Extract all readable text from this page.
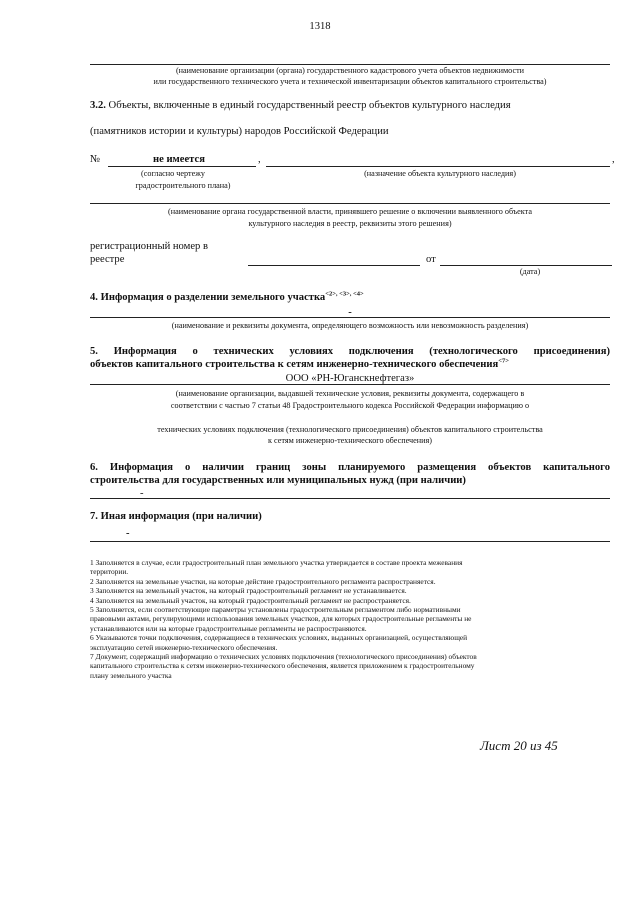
1318
(наименование организации (органа) государственного кадастрового учета объектов недвижимости
или государственного технического учета и технической инвентаризации объектов капитального строительства)
3.2. Объекты, включенные в единый государственный реестр объектов культурного наследия
(памятников истории и культуры) народов Российской Федерации
№	не имеется	,	,
(согласно чертежу
градостроительного плана)
(назначение объекта культурного наследия)
(наименование органа государственной власти, принявшего решение о включении выявленного объекта
культурного наследия в реестр, реквизиты этого решения)
регистрационный номер в
реестре	от
(дата)
4. Информация о разделении земельного участка$^{<2>, <3>, <4>}$
-
(наименование и реквизиты документа, определяющего возможность или невозможность разделения)
5. Информация о технических условиях подключения (технологического присоединения)
объектов капитального строительства к сетям инженерно-технического обеспечения$^{<7>}$
ООО «РН-Юганскнефтегаз»
(наименование организации, выдавшей технические условия, реквизиты документа, содержащего в
соответствии с частью 7 статьи 48 Градостроительного кодекса Российской Федерации информацию о
технических условиях подключения (технологического присоединения) объектов капитального строительства
к сетям инженерно-технического обеспечения)
6. Информация о наличии границ зоны планируемого размещения объектов капитального
строительства для государственных или муниципальных нужд (при наличии)
-
7. Иная информация (при наличии)
-
1 Заполняется в случае, если градостроительный план земельного участка утверждается в составе проекта межевания
территории.
2 Заполняется на земельные участки, на которые действие градостроительного регламента распространяется.
3 Заполняется на земельный участок, на который градостроительный регламент не устанавливается.
4 Заполняется на земельный участок, на который градостроительный регламент не распространяется.
5 Заполняется, если соответствующие параметры установлены градостроительным регламентом либо нормативными
правовыми актами, регулирующими использования земельных участков, для которых градостроительные регламенты не
устанавливаются или на которые градостроительные регламенты не распространяются.
6 Указываются точки подключения, содержащиеся в технических условиях, выданных организацией, осуществляющей
эксплуатацию сетей инженерно-технического обеспечения.
7 Документ, содержащий информацию о технических условиях подключения (технологического присоединения) объектов
капитального строительства к сетям инженерно-технического обеспечения, является приложением к градостроительному
плану земельного участка
Лист 20 из 45
